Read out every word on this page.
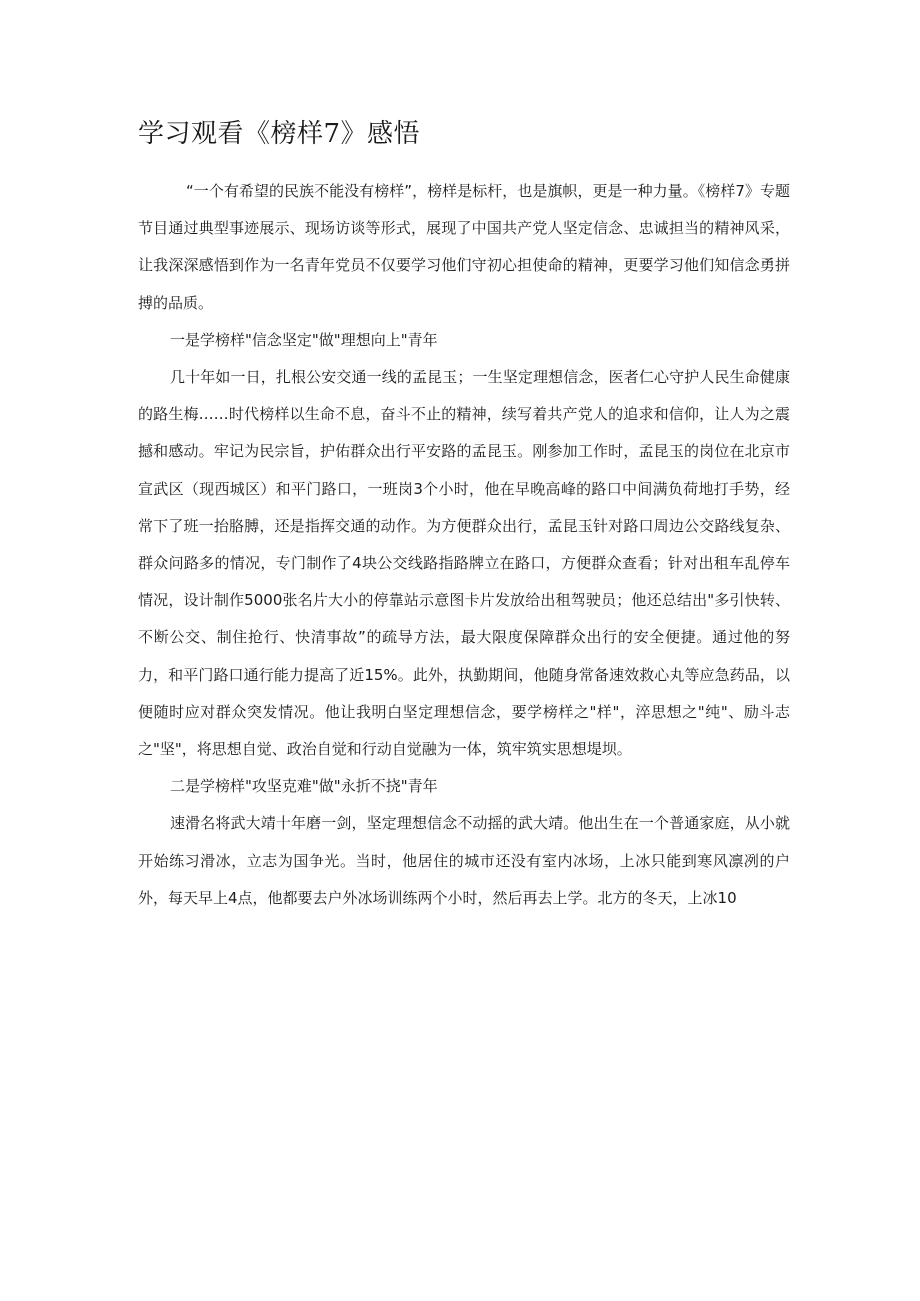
学习观看《榜样7》感悟

“一个有希望的民族不能没有榜样”，榜样是标杆，也是旗帜，更是一种力量。《榜样7》专题节目通过典型事迹展示、现场访谈等形式，展现了中国共产党人坚定信念、忠诚担当的精神风采，让我深深感悟到作为一名青年党员不仅要学习他们守初心担使命的精神，更要学习他们知信念勇拼搏的品质。

一是学榜样"信念坚定"做"理想向上"青年

几十年如一日，扎根公安交通一线的孟昆玉；一生坚定理想信念，医者仁心守护人民生命健康的路生梅……时代榜样以生命不息，奋斗不止的精神，续写着共产党人的追求和信仰，让人为之震撼和感动。牢记为民宗旨，护佑群众出行平安路的孟昆玉。刚参加工作时，孟昆玉的岗位在北京市宣武区（现西城区）和平门路口，一班岗3个小时，他在早晚高峰的路口中间满负荷地打手势，经常下了班一抬胳膊，还是指挥交通的动作。为方便群众出行，孟昆玉针对路口周边公交路线复杂、群众问路多的情况，专门制作了4块公交线路指路牌立在路口，方便群众查看；针对出租车乱停车情况，设计制作5000张名片大小的停靠站示意图卡片发放给出租驾驶员；他还总结出"多引快转、不断公交、制住抢行、快清事故”的疏导方法，最大限度保障群众出行的安全便捷。通过他的努力，和平门路口通行能力提高了近15%。此外，执勤期间，他随身常备速效救心丸等应急药品，以便随时应对群众突发情况。他让我明白坚定理想信念，要学榜样之"样"，淬思想之"纯"、励斗志之"坚"，将思想自觉、政治自觉和行动自觉融为一体，筑牢筑实思想堤坝。

二是学榜样"攻坚克难"做"永折不挠"青年

速滑名将武大靖十年磨一剑，坚定理想信念不动摇的武大靖。他出生在一个普通家庭，从小就开始练习滑冰，立志为国争光。当时，他居住的城市还没有室内冰场，上冰只能到寒风凛冽的户外，每天早上4点，他都要去户外冰场训练两个小时，然后再去上学。北方的冬天，上冰10
